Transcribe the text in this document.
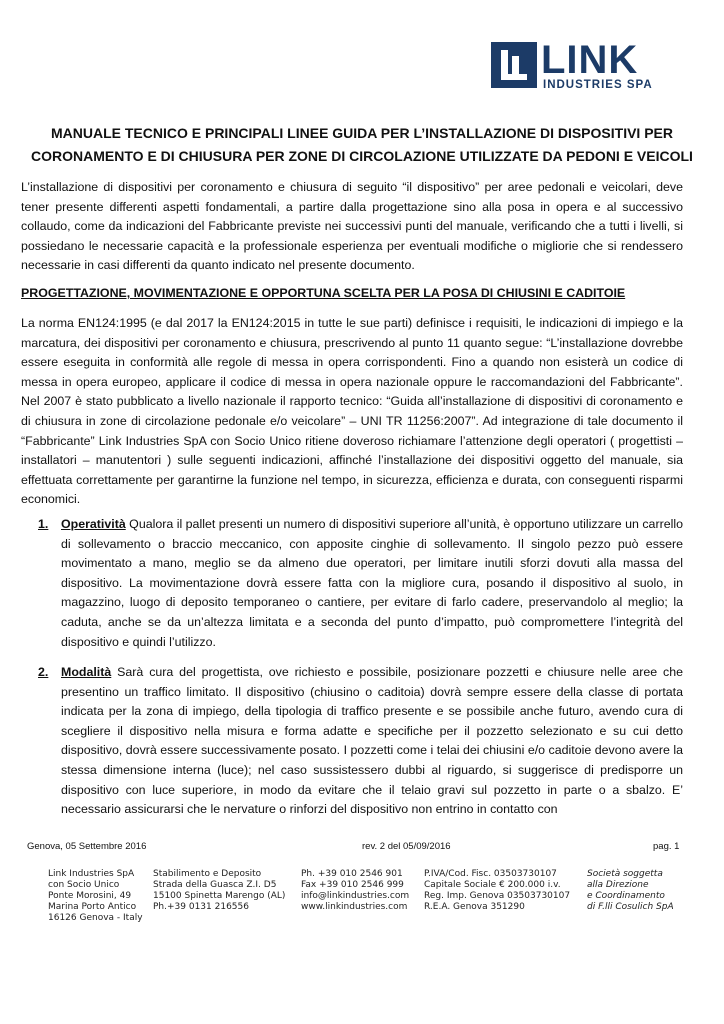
LINK
INDUSTRIES SPA
MANUALE TECNICO E PRINCIPALI LINEE GUIDA PER L’INSTALLAZIONE DI DISPOSITIVI PER CORONAMENTO E DI CHIUSURA PER ZONE DI CIRCOLAZIONE UTILIZZATE DA PEDONI E VEICOLI
L’installazione di dispositivi per coronamento e chiusura di seguito “il dispositivo” per aree pedonali e veicolari, deve tener presente differenti aspetti fondamentali, a partire dalla progettazione sino alla posa in opera e al successivo collaudo, come da indicazioni del Fabbricante previste nei successivi punti del manuale, verificando che a tutti i livelli, si possiedano le necessarie capacità e la professionale esperienza per eventuali modifiche o migliorie che si rendessero necessarie in casi differenti da quanto indicato nel presente documento.
PROGETTAZIONE, MOVIMENTAZIONE E OPPORTUNA SCELTA PER LA POSA DI CHIUSINI E CADITOIE
La norma EN124:1995 (e dal 2017 la EN124:2015 in tutte le sue parti) definisce i requisiti, le indicazioni di impiego e la marcatura, dei dispositivi per coronamento e chiusura, prescrivendo al punto 11 quanto segue: “L’installazione dovrebbe essere eseguita in conformità alle regole di messa in opera corrispondenti. Fino a quando non esisterà un codice di messa in opera europeo, applicare il codice di messa in opera nazionale oppure le raccomandazioni del Fabbricante”. Nel 2007 è stato pubblicato a livello nazionale il rapporto tecnico: “Guida all’installazione di dispositivi di coronamento e di chiusura in zone di circolazione pedonale e/o veicolare” – UNI TR 11256:2007”. Ad integrazione di tale documento il “Fabbricante” Link Industries SpA con Socio Unico ritiene doveroso richiamare l’attenzione degli operatori ( progettisti – installatori – manutentori ) sulle seguenti indicazioni, affinché l’installazione dei dispositivi oggetto del manuale, sia effettuata correttamente per garantirne la funzione nel tempo, in sicurezza, efficienza e durata, con conseguenti risparmi economici.
1. Operatività Qualora il pallet presenti un numero di dispositivi superiore all’unità, è opportuno utilizzare un carrello di sollevamento o braccio meccanico, con apposite cinghie di sollevamento. Il singolo pezzo può essere movimentato a mano, meglio se da almeno due operatori, per limitare inutili sforzi dovuti alla massa del dispositivo. La movimentazione dovrà essere fatta con la migliore cura, posando il dispositivo al suolo, in magazzino, luogo di deposito temporaneo o cantiere, per evitare di farlo cadere, preservandolo al meglio; la caduta, anche se da un’altezza limitata e a seconda del punto d’impatto, può compromettere l’integrità del dispositivo e quindi l’utilizzo.
2. Modalità Sarà cura del progettista, ove richiesto e possibile, posizionare pozzetti e chiusure nelle aree che presentino un traffico limitato. Il dispositivo (chiusino o caditoia) dovrà sempre essere della classe di portata indicata per la zona di impiego, della tipologia di traffico presente e se possibile anche futuro, avendo cura di scegliere il dispositivo nella misura e forma adatte e specifiche per il pozzetto selezionato e su cui detto dispositivo, dovrà essere successivamente posato. I pozzetti come i telai dei chiusini e/o caditoie devono avere la stessa dimensione interna (luce); nel caso sussistessero dubbi al riguardo, si suggerisce di predisporre un dispositivo con luce superiore, in modo da evitare che il telaio gravi sul pozzetto in parte o a sbalzo. E’ necessario assicurarsi che le nervature o rinforzi del dispositivo non entrino in contatto con
Genova, 05 Settembre 2016	rev. 2 del 05/09/2016	pag. 1
Link Industries SpA
con Socio Unico
Ponte Morosini, 49
Marina Porto Antico
16126 Genova - Italy
Stabilimento e Deposito
Strada della Guasca Z.I. D5
15100 Spinetta Marengo (AL)
Ph.+39 0131 216556
Ph. +39 010 2546 901
Fax +39 010 2546 999
info@linkindustries.com
www.linkindustries.com
P.IVA/Cod. Fisc. 03503730107
Capitale Sociale € 200.000 i.v.
Reg. Imp. Genova 03503730107
R.E.A. Genova 351290
Società soggetta
alla Direzione
e Coordinamento
di F.lli Cosulich SpA
